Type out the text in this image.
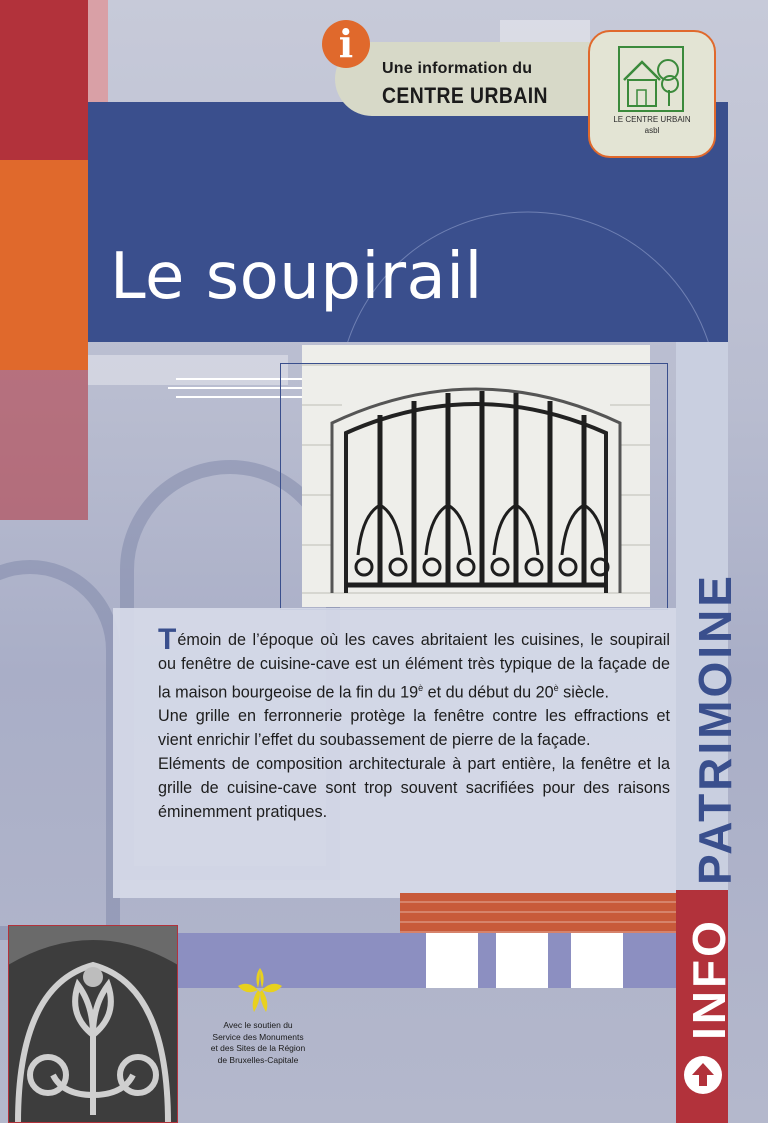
i
Une information du
CENTRE URBAIN
LE CENTRE URBAIN
asbl
Le soupirail
PATRIMOINE
INFO

Témoin de l’époque où les caves abritaient les cuisines, le soupirail ou fenêtre de cuisine-cave est un élément très typique de la façade de la maison bourgeoise de la fin du $19^è$ et du début du $20^è$ siècle.

Une grille en ferronnerie protège la fenêtre contre les effractions et vient enrichir l’effet du soubassement de pierre de la façade.

Eléments de composition architecturale à part entière, la fenêtre et la grille de cuisine-cave sont trop souvent sacrifiées pour des raisons éminemment pratiques.

Avec le soutien du
Service des Monuments
et des Sites de la Région
de Bruxelles-Capitale
